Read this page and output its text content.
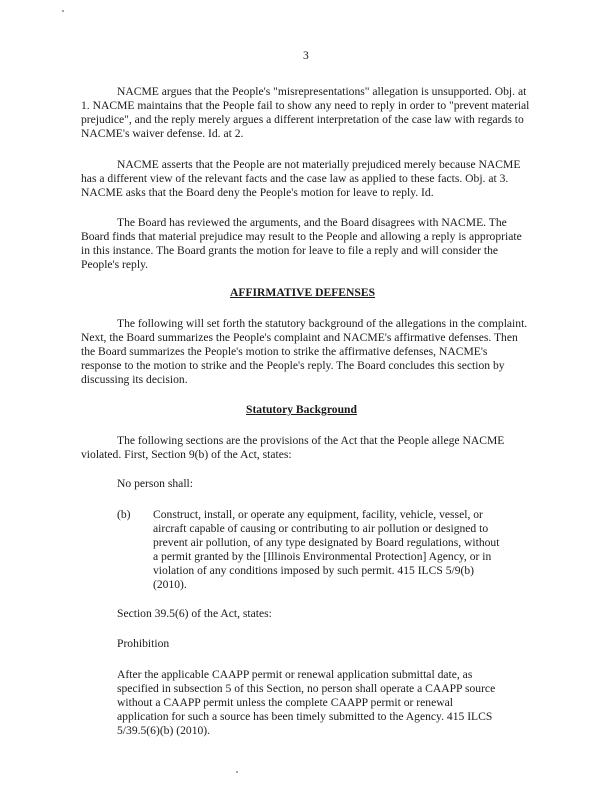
3
NACME argues that the People's "misrepresentations" allegation is unsupported. Obj. at
1. NACME maintains that the People fail to show any need to reply in order to "prevent material
prejudice", and the reply merely argues a different interpretation of the case law with regards to
NACME's waiver defense. Id. at 2.
NACME asserts that the People are not materially prejudiced merely because NACME
has a different view of the relevant facts and the case law as applied to these facts. Obj. at 3.
NACME asks that the Board deny the People's motion for leave to reply. Id.
The Board has reviewed the arguments, and the Board disagrees with NACME. The
Board finds that material prejudice may result to the People and allowing a reply is appropriate
in this instance. The Board grants the motion for leave to file a reply and will consider the
People's reply.
AFFIRMATIVE DEFENSES
The following will set forth the statutory background of the allegations in the complaint.
Next, the Board summarizes the People's complaint and NACME's affirmative defenses. Then
the Board summarizes the People's motion to strike the affirmative defenses, NACME's
response to the motion to strike and the People's reply. The Board concludes this section by
discussing its decision.
Statutory Background
The following sections are the provisions of the Act that the People allege NACME
violated. First, Section 9(b) of the Act, states:
No person shall:
(b) Construct, install, or operate any equipment, facility, vehicle, vessel, or
aircraft capable of causing or contributing to air pollution or designed to
prevent air pollution, of any type designated by Board regulations, without
a permit granted by the [Illinois Environmental Protection] Agency, or in
violation of any conditions imposed by such permit. 415 ILCS 5/9(b)
(2010).
Section 39.5(6) of the Act, states:
Prohibition
After the applicable CAAPP permit or renewal application submittal date, as
specified in subsection 5 of this Section, no person shall operate a CAAPP source
without a CAAPP permit unless the complete CAAPP permit or renewal
application for such a source has been timely submitted to the Agency. 415 ILCS
5/39.5(6)(b) (2010).
